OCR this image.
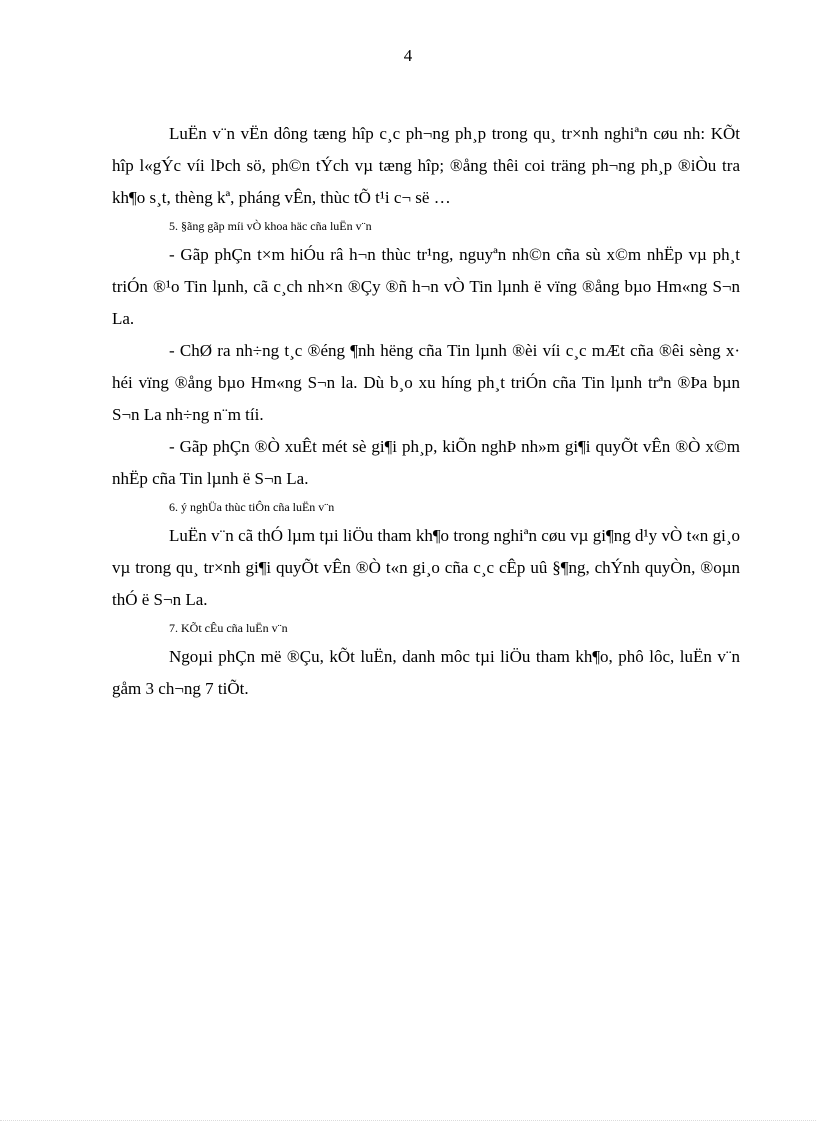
4

LuËn v¨n vËn dông tæng hîp c¸c ph¬ng ph¸p trong qu¸ tr×nh nghiªn cøu nh: KÕt hîp l«gÝc víi lÞch sö, ph©n tÝch vµ tæng hîp; ®ång thêi coi träng ph¬ng ph¸p ®iÒu tra kh¶o s¸t, thèng kª, pháng vÊn, thùc tÕ t¹i c¬ së …

5. §ãng gãp míi vÒ khoa häc cña luËn v¨n

- Gãp phÇn t×m hiÓu râ h¬n thùc tr¹ng, nguyªn nh©n cña sù x©m nhËp vµ ph¸t triÓn ®¹o Tin lµnh, cã c¸ch nh×n ®Çy ®ñ h¬n vÒ Tin lµnh ë vïng ®ång bµo Hm«ng S¬n La.

- ChØ ra nh÷ng t¸c ®éng ¶nh hëng cña Tin lµnh ®èi víi c¸c mÆt cña ®êi sèng x· héi vïng ®ång bµo Hm«ng S¬n la. Dù b¸o xu híng ph¸t triÓn cña Tin lµnh trªn ®Þa bµn S¬n La nh÷ng n¨m tíi.

- Gãp phÇn ®Ò xuÊt mét sè gi¶i ph¸p, kiÕn nghÞ nh»m gi¶i quyÕt vÊn ®Ò x©m nhËp cña Tin lµnh ë S¬n La.

6. ý nghÜa thùc tiÔn cña luËn v¨n

LuËn v¨n cã thÓ lµm tµi liÖu tham kh¶o trong nghiªn cøu vµ gi¶ng d¹y vÒ t«n gi¸o vµ trong qu¸ tr×nh gi¶i quyÕt vÊn ®Ò t«n gi¸o cña c¸c cÊp uû §¶ng, chÝnh quyÒn, ®oµn thÓ ë S¬n La.

7. KÕt cÊu cña luËn v¨n

Ngoµi phÇn më ®Çu, kÕt luËn, danh môc tµi liÖu tham kh¶o, phô lôc, luËn v¨n gåm 3 ch¬ng 7 tiÕt.
